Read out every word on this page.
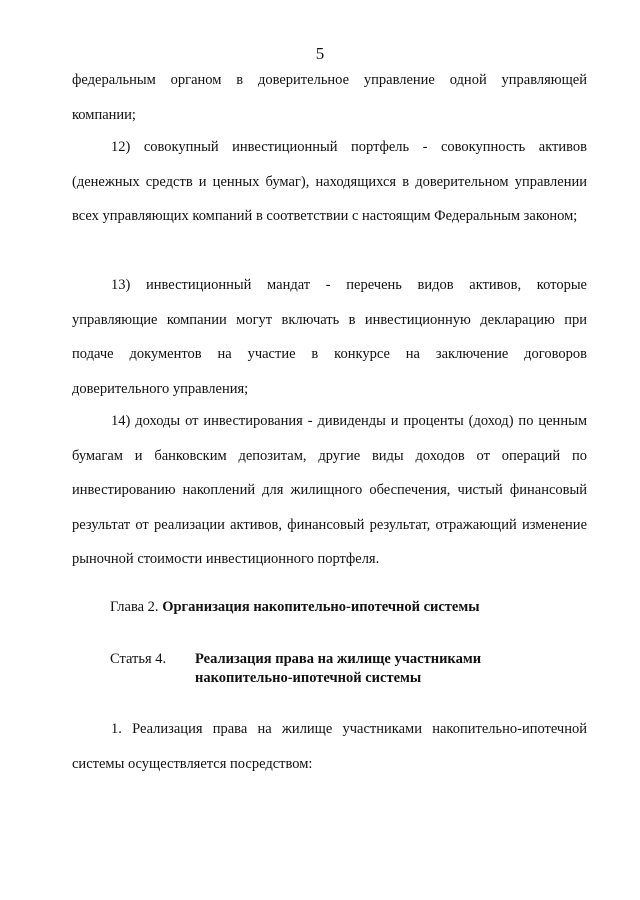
5

федеральным органом в доверительное управление одной управляющей компании;

12) совокупный инвестиционный портфель - совокупность активов (денежных средств и ценных бумаг), находящихся в доверительном управлении всех управляющих компаний в соответствии с настоящим Федеральным законом;

13) инвестиционный мандат - перечень видов активов, которые управляющие компании могут включать в инвестиционную декларацию при подаче документов на участие в конкурсе на заключение договоров доверительного управления;

14) доходы от инвестирования - дивиденды и проценты (доход) по ценным бумагам и банковским депозитам, другие виды доходов от операций по инвестированию накоплений для жилищного обеспечения, чистый финансовый результат от реализации активов, финансовый результат, отражающий изменение рыночной стоимости инвестиционного портфеля.

Глава 2. Организация накопительно-ипотечной системы
Статья 4. Реализация права на жилище участниками накопительно-ипотечной системы

1. Реализация права на жилище участниками накопительно-ипотечной системы осуществляется посредством:
